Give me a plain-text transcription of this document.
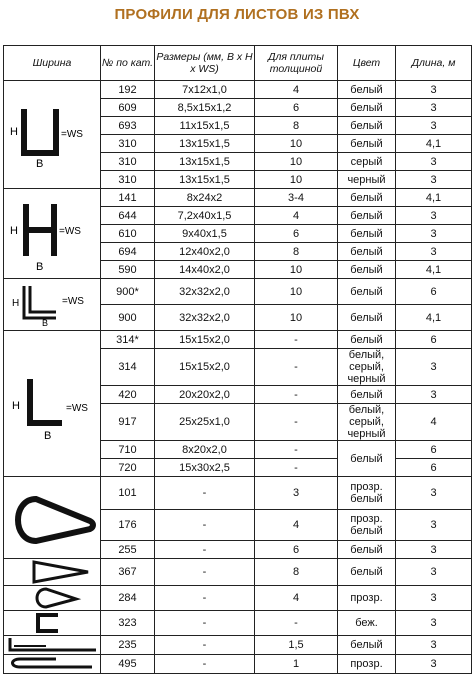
ПРОФИЛИ ДЛЯ ЛИСТОВ ИЗ ПВХ
Ширина	№ по кат.	Размеры (мм, В х Н х WS)	Для плиты толщиной	Цвет	Длина, м

H
B
=WS	192	7х12х1,0	4	белый	3
	609	8,5х15х1,2	6	белый	3
	693	11х15х1,5	8	белый	3
	310	13х15х1,5	10	белый	4,1
	310	13х15х1,5	10	серый	3
	310	13х15х1,5	10	черный	3

H
B
=WS	141	8х24х2	3-4	белый	4,1
	644	7,2х40х1,5	4	белый	3
	610	9х40х1,5	6	белый	3
	694	12х40х2,0	8	белый	3
	590	14х40х2,0	10	белый	4,1

H =WS
B	900*	32х32х2,0	10	белый	6
	900	32х32х2,0	10	белый	4,1

H
B
=WS	314*	15х15х2,0	-	белый	6
	314	15х15х2,0	-	белый, серый, черный	3
	420	20х20х2,0	-	белый	3
	917	25х25х1,0	-	белый, серый, черный	4
	710	8х20х2,0	-	белый	6
	720	15х30х2,5	-		6

	101	-	3	прозр. белый	3
	176	-	4	прозр. белый	3
	255	-	6	белый	3

	367	-	8	белый	3

	284	-	4	прозр.	3

	323	-	-	беж.	3

	235	-	1,5	белый	3

	495	-	1	прозр.	3
